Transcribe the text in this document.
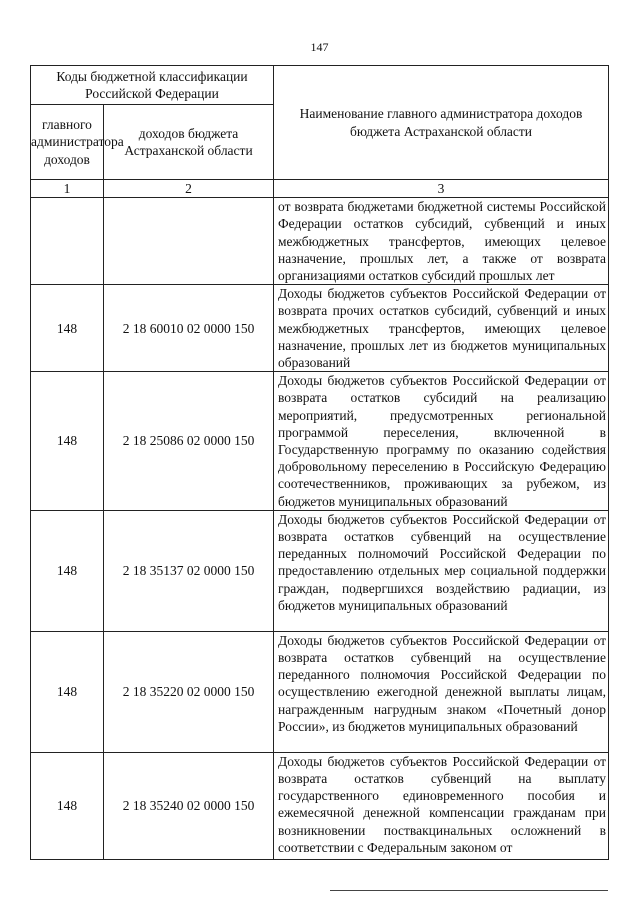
147
Коды бюджетной классификации Российской Федерации		Наименование главного администратора доходов бюджета Астраханской области
главного администратора доходов	доходов бюджета Астраханской области	
1	2	3
		от возврата бюджетами бюджетной системы Российской Федерации остатков субсидий, субвенций и иных межбюджетных трансфертов, имеющих целевое назначение, прошлых лет, а также от возврата организациями остатков субсидий прошлых лет
148	2 18 60010 02 0000 150	Доходы бюджетов субъектов Российской Федерации от возврата прочих остатков субсидий, субвенций и иных межбюджетных трансфертов, имеющих целевое назначение, прошлых лет из бюджетов муниципальных образований
148	2 18 25086 02 0000 150	Доходы бюджетов субъектов Российской Федерации от возврата остатков субсидий на реализацию мероприятий, предусмотренных региональной программой переселения, включенной в Государственную программу по оказанию содействия добровольному переселению в Российскую Федерацию соотечественников, проживающих за рубежом, из бюджетов муниципальных образований
148	2 18 35137 02 0000 150	Доходы бюджетов субъектов Российской Федерации от возврата остатков субвенций на осуществление переданных полномочий Российской Федерации по предоставлению отдельных мер социальной поддержки граждан, подвергшихся воздействию радиации, из бюджетов муниципальных образований
148	2 18 35220 02 0000 150	Доходы бюджетов субъектов Российской Федерации от возврата остатков субвенций на осуществление переданного полномочия Российской Федерации по осуществлению ежегодной денежной выплаты лицам, награжденным нагрудным знаком «Почетный донор России», из бюджетов муниципальных образований
148	2 18 35240 02 0000 150	Доходы бюджетов субъектов Российской Федерации от возврата остатков субвенций на выплату государственного единовременного пособия и ежемесячной денежной компенсации гражданам при возникновении поствакцинальных осложнений в соответствии с Федеральным законом от
